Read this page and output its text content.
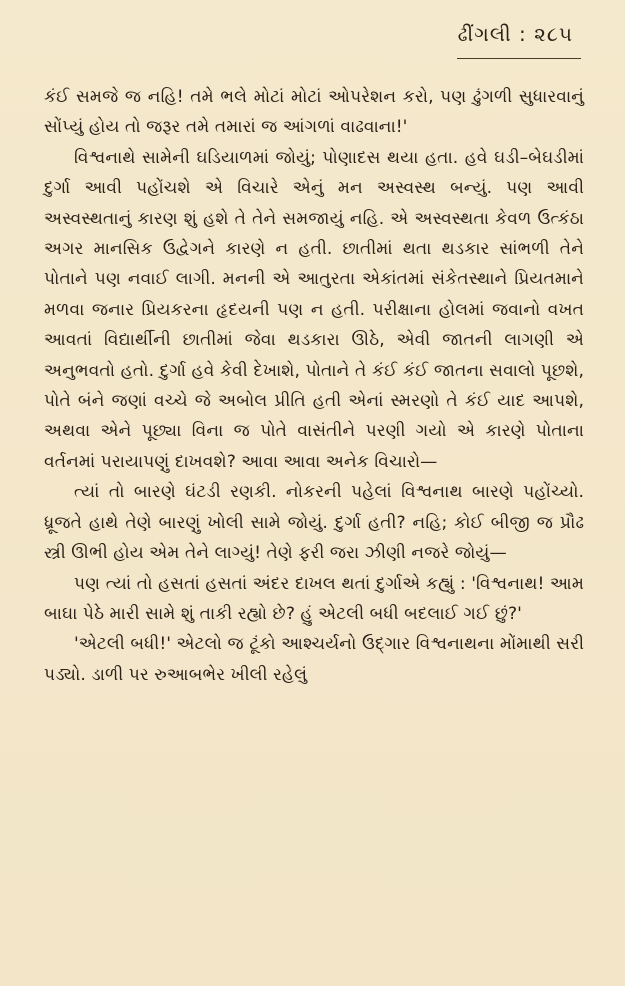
ઢીંગલી : ૨૮૫

કંઈ સમજે જ નહિ! તમે ભલે મોટાં મોટાં ઓપરેશન કરો, પણ ઢુંગળી સુધારવાનું સોંપ્યું હોય તો જરૂર તમે તમારાં જ આંગળાં વાઢવાના!'

વિશ્વનાથે સામેની ઘડિયાળમાં જોયું; પોણાદસ થયા હતા. હવે ઘડી–બેઘડીમાં દુર્ગા આવી પહોંચશે એ વિચારે એનું મન અસ્વસ્થ બન્યું. પણ આવી અસ્વસ્થતાનું કારણ શું હશે તે તેને સમજાયું નહિ. એ અસ્વસ્થતા કેવળ ઉત્કંઠા અગર માનસિક ઉદ્વેગને કારણે ન હતી. છાતીમાં થતા થડકાર સાંભળી તેને પોતાને પણ નવાઈ લાગી. મનની એ આતુરતા એકાંતમાં સંકેતસ્થાને પ્રિયતમાને મળવા જનાર પ્રિયકરના હૃદયની પણ ન હતી. પરીક્ષાના હોલમાં જવાનો વખત આવતાં વિદ્યાર્થીની છાતીમાં જેવા થડકારા ઊઠે, એવી જાતની લાગણી એ અનુભવતો હતો. દુર્ગા હવે કેવી દેખાશે, પોતાને તે કંઈ કંઈ જાતના સવાલો પૂછશે, પોતે બંને જણાં વચ્ચે જે અબોલ પ્રીતિ હતી એનાં સ્મરણો તે કંઈ યાદ આપશે, અથવા એને પૂછ્યા વિના જ પોતે વાસંતીને પરણી ગયો એ કારણે પોતાના વર્તનમાં પરાયાપણું દાખવશે? આવા આવા અનેક વિચારો—

ત્યાં તો બારણે ઘંટડી રણકી. નોકરની પહેલાં વિશ્વનાથ બારણે પહોંચ્યો. ધ્રૂજતે હાથે તેણે બારણું ખોલી સામે જોયું. દુર્ગા હતી? નહિ; કોઈ બીજી જ પ્રૌઢ સ્ત્રી ઊભી હોય એમ તેને લાગ્યું! તેણે ફરી જરા ઝીણી નજરે જોયું—

પણ ત્યાં તો હસતાં હસતાં અંદર દાખલ થતાં દુર્ગાએ કહ્યું : 'વિશ્વનાથ! આમ બાઘા પેઠે મારી સામે શું તાકી રહ્યો છે? હું એટલી બધી બદલાઈ ગઈ છું?'

'એટલી બધી!' એટલો જ ટૂંકો આશ્ચર્યનો ઉદ્ગાર વિશ્વનાથના મોંમાથી સરી પડ્યો. ડાળી પર રુઆબભેર ખીલી રહેલું
